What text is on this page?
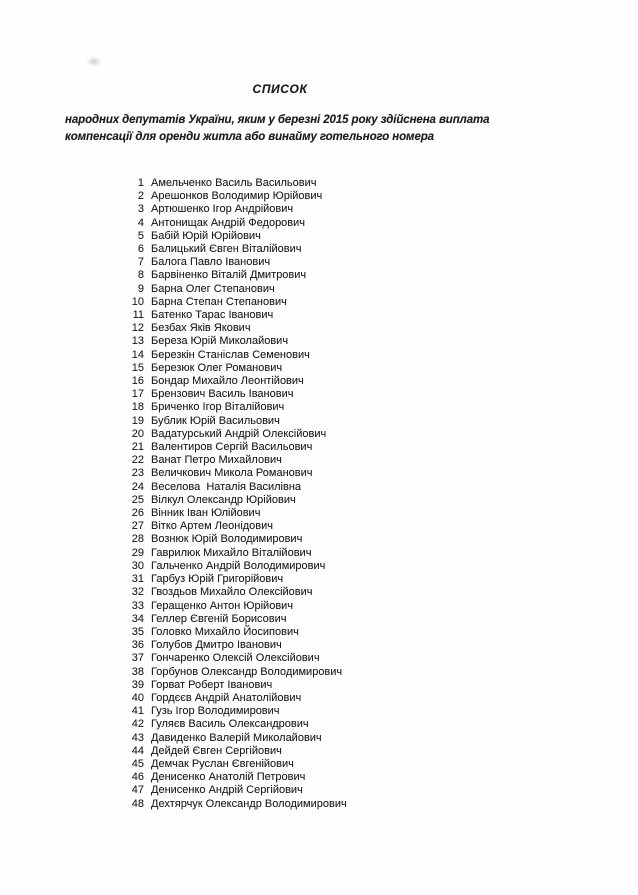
СПИСОК
народних депутатів України, яким у березні 2015 року здійснена виплата
компенсації для оренди житла або винайму готельного номера
1 Амельченко Василь Васильович
2 Арешонков Володимир Юрійович
3 Артюшенко Ігор Андрійович
4 Антонищак Андрій Федорович
5 Бабій Юрій Юрійович
6 Балицький Євген Віталійович
7 Балога Павло Іванович
8 Барвіненко Віталій Дмитрович
9 Барна Олег Степанович
10 Барна Степан Степанович
11 Батенко Тарас Іванович
12 Безбах Яків Якович
13 Береза Юрій Миколайович
14 Березкін Станіслав Семенович
15 Березюк Олег Романович
16 Бондар Михайло Леонтійович
17 Брензович Василь Іванович
18 Бриченко Ігор Віталійович
19 Бублик Юрій Васильович
20 Вадатурський Андрій Олексійович
21 Валентиров Сергій Васильович
22 Ванат Петро Михайлович
23 Величкович Микола Романович
24 Веселова  Наталія Василівна
25 Вілкул Олександр Юрійович
26 Вінник Іван Юлійович
27 Вітко Артем Леонідович
28 Вознюк Юрій Володимирович
29 Гаврилюк Михайло Віталійович
30 Гальченко Андрій Володимирович
31 Гарбуз Юрій Григорійович
32 Гвоздьов Михайло Олексійович
33 Геращенко Антон Юрійович
34 Геллер Євгеній Борисович
35 Головко Михайло Йосипович
36 Голубов Дмитро Іванович
37 Гончаренко Олексій Олексійович
38 Горбунов Олександр Володимирович
39 Горват Роберт Іванович
40 Гордєєв Андрій Анатолійович
41 Гузь Ігор Володимирович
42 Гуляєв Василь Олександрович
43 Давиденко Валерій Миколайович
44 Дейдей Євген Сергійович
45 Демчак Руслан Євгенійович
46 Денисенко Анатолій Петрович
47 Денисенко Андрій Сергійович
48 Дехтярчук Олександр Володимирович
